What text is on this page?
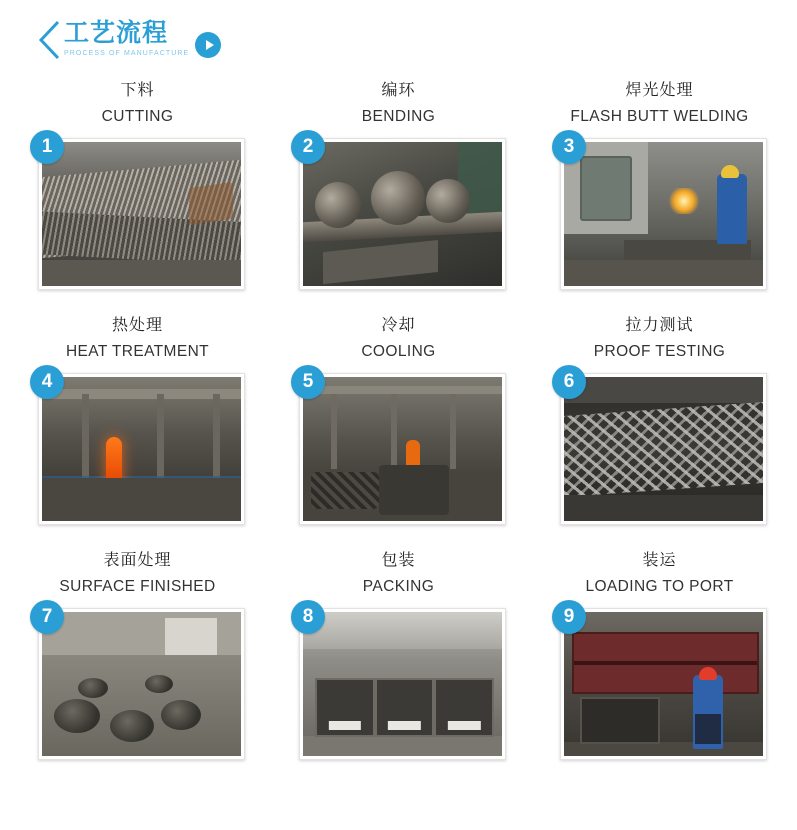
工艺流程
PROCESS OF MANUFACTURE
下料
CUTTING
1
编环
BENDING
2
焊光处理
FLASH BUTT WELDING
3
热处理
HEAT TREATMENT
4
冷却
COOLING
5
拉力测试
PROOF TESTING
6
表面处理
SURFACE FINISHED
7
包装
PACKING
8
装运
LOADING TO PORT
9
